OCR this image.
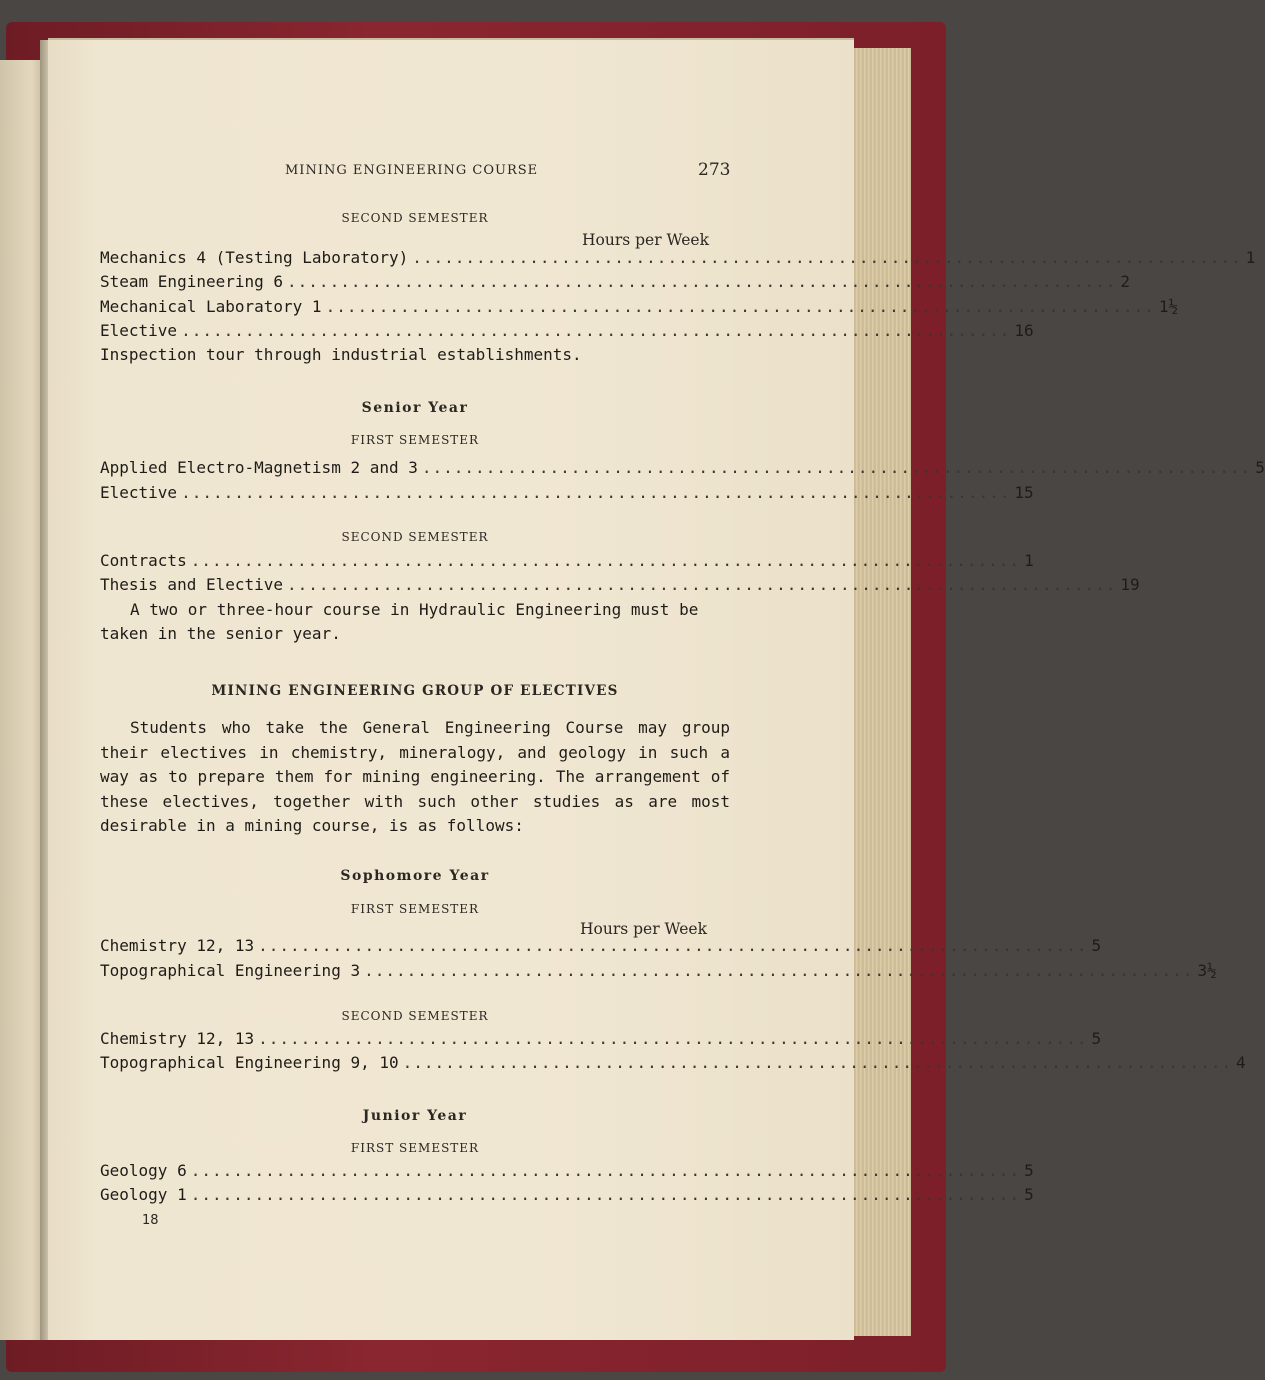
MINING ENGINEERING COURSE	273
SECOND SEMESTER
Hours per Week
Mechanics 4 (Testing Laboratory) .............................................................................. 1
Steam Engineering 6 .............................................................................. 2
Mechanical Laboratory 1 .............................................................................. 1½
Elective .............................................................................. 16
Inspection tour through industrial establishments.
Senior Year
FIRST SEMESTER
Applied Electro-Magnetism 2 and 3 .............................................................................. 5
Elective .............................................................................. 15
SECOND SEMESTER
Contracts .............................................................................. 1
Thesis and Elective .............................................................................. 19
A two or three-hour course in Hydraulic Engineering must be
taken in the senior year.
MINING ENGINEERING GROUP OF ELECTIVES
Students who take the General Engineering Course may group their electives in chemistry, mineralogy, and geology in such a way as to prepare them for mining engineering. The arrangement of these electives, together with such other studies as are most desirable in a mining course, is as follows:
Sophomore Year
FIRST SEMESTER
Hours per Week
Chemistry 12, 13 .............................................................................. 5
Topographical Engineering 3 .............................................................................. 3½
SECOND SEMESTER
Chemistry 12, 13 .............................................................................. 5
Topographical Engineering 9, 10 .............................................................................. 4
Junior Year
FIRST SEMESTER
Geology 6 .............................................................................. 5
Geology 1 .............................................................................. 5
18
